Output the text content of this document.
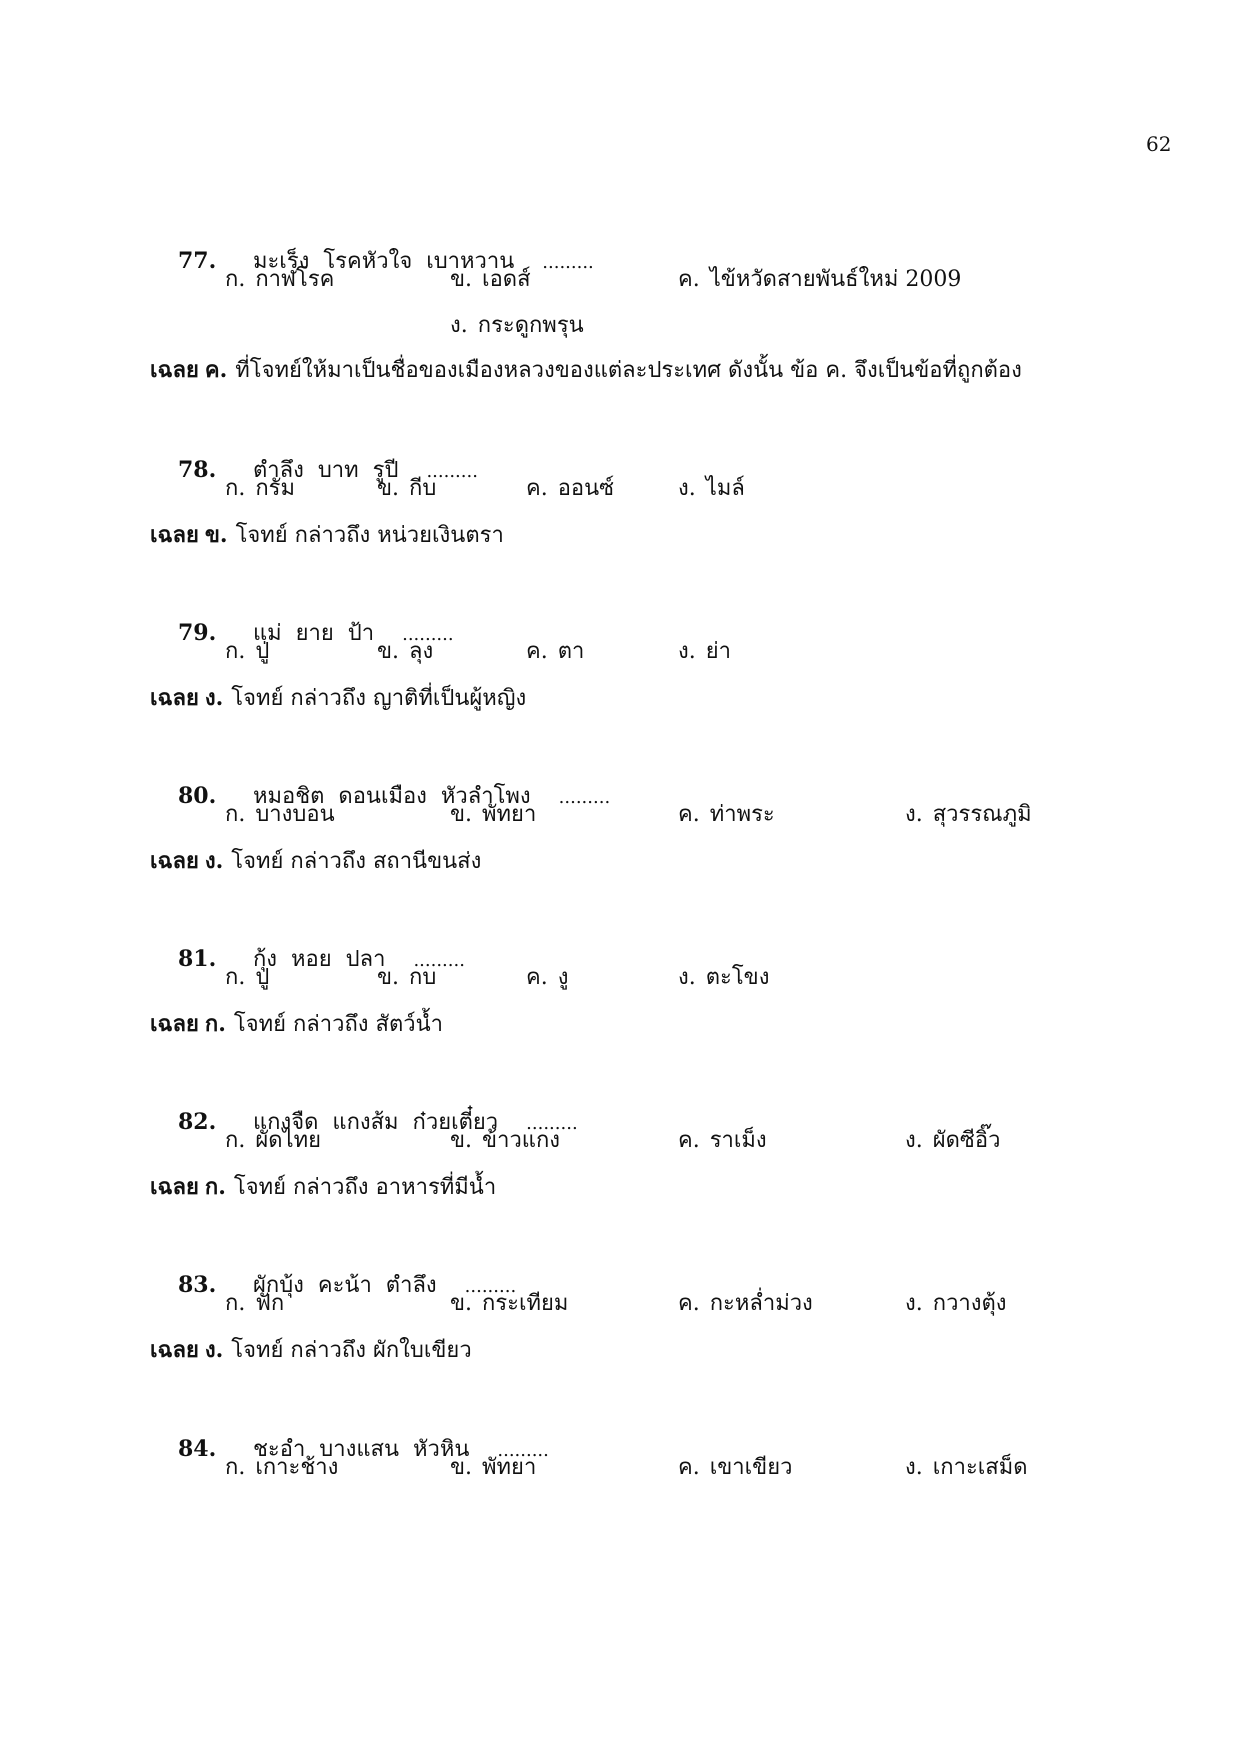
62

77. มะเร็ง  โรคหัวใจ  เบาหวาน .........

ก. กาฬโรค	ข. เอดส์	ค. ไข้หวัดสายพันธ์ใหม่ 2009
ง. กระดูกพรุน
เฉลย ค. ที่โจทย์ให้มาเป็นชื่อของเมืองหลวงของแต่ละประเทศ ดังนั้น ข้อ ค. จึงเป็นข้อที่ถูกต้อง

78. ตำลึง  บาท  รูปี .........

ก. กรัม	ข. กีบ	ค. ออนซ์	ง. ไมล์
เฉลย ข. โจทย์ กล่าวถึง หน่วยเงินตรา

79. แม่  ยาย  ป้า .........

ก. ปู่	ข. ลุง	ค. ตา	ง. ย่า
เฉลย ง. โจทย์ กล่าวถึง ญาติที่เป็นผู้หญิง

80. หมอชิต  ดอนเมือง  หัวลำโพง .........

ก. บางบอน	ข. พัทยา	ค. ท่าพระ	ง. สุวรรณภูมิ
เฉลย ง. โจทย์ กล่าวถึง สถานีขนส่ง

81. กุ้ง  หอย  ปลา .........

ก. ปู	ข. กบ	ค. งู	ง. ตะโขง
เฉลย ก. โจทย์ กล่าวถึง สัตว์น้ำ

82. แกงจืด  แกงส้ม  ก๋วยเตี๋ยว .........

ก. ผัดไทย	ข. ข้าวแกง	ค. ราเม็ง	ง. ผัดซีอิ๊ว
เฉลย ก. โจทย์ กล่าวถึง อาหารที่มีน้ำ

83. ผักบุ้ง  คะน้า  ตำลึง .........

ก. ฟัก	ข. กระเทียม	ค. กะหล่ำม่วง	ง. กวางตุ้ง
เฉลย ง. โจทย์ กล่าวถึง ผักใบเขียว

84. ชะอำ  บางแสน  หัวหิน .........

ก. เกาะช้าง	ข. พัทยา	ค. เขาเขียว	ง. เกาะเสม็ด
